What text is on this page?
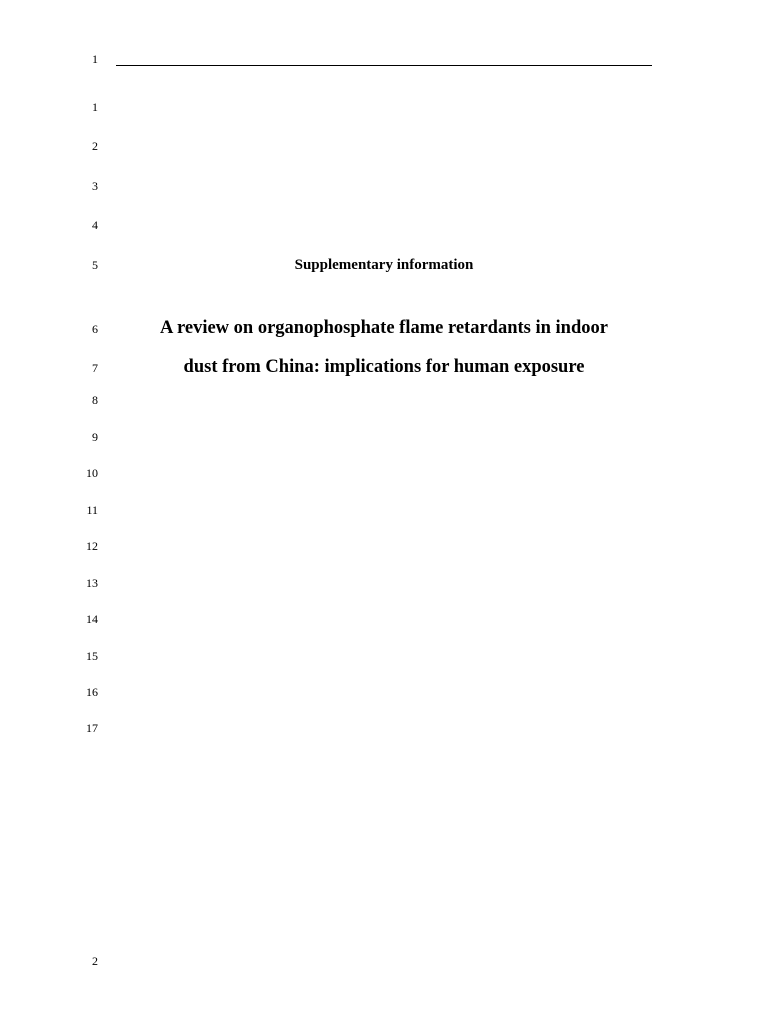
1
1
2
3
4
5
6
7
8
9
10
11
12
13
14
15
16
17
Supplementary information
A review on organophosphate flame retardants in indoor
dust from China: implications for human exposure
2
